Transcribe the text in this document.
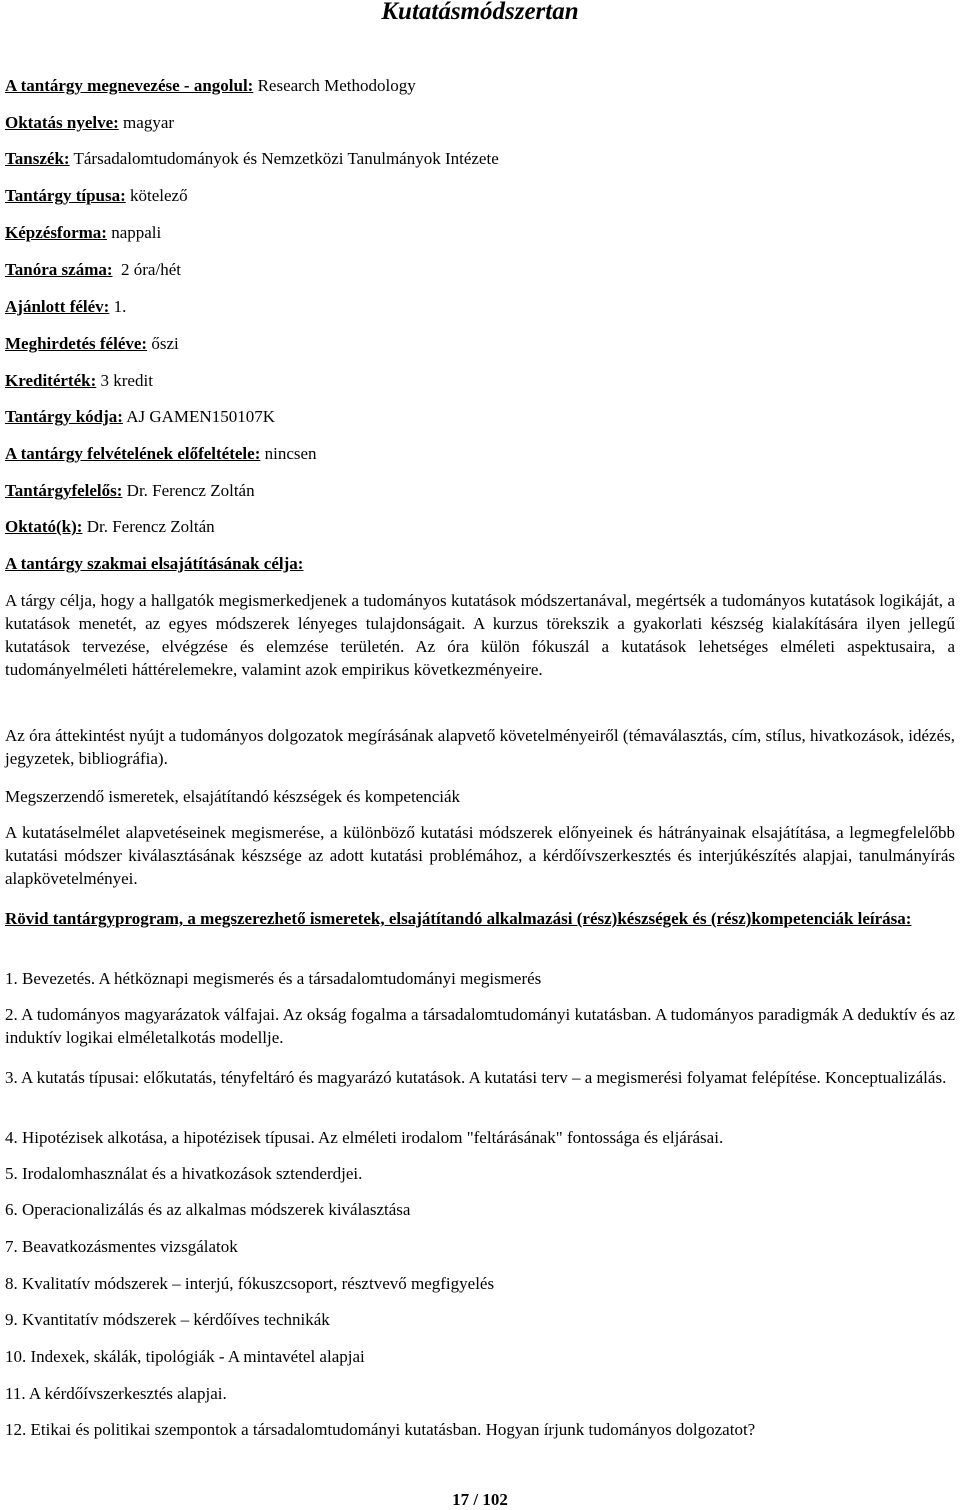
Kutatásmódszertan
A tantárgy megnevezése - angolul: Research Methodology
Oktatás nyelve: magyar
Tanszék: Társadalomtudományok és Nemzetközi Tanulmányok Intézete
Tantárgy típusa: kötelező
Képzésforma: nappali
Tanóra száma:  2 óra/hét
Ajánlott félév: 1.
Meghirdetés féléve: őszi
Kreditérték: 3 kredit
Tantárgy kódja: AJ GAMEN150107K
A tantárgy felvételének előfeltétele: nincsen
Tantárgyfelelős: Dr. Ferencz Zoltán
Oktató(k): Dr. Ferencz Zoltán
A tantárgy szakmai elsajátításának célja:
A tárgy célja, hogy a hallgatók megismerkedjenek a tudományos kutatások módszertanával, megértsék a tudományos kutatások logikáját, a kutatások menetét, az egyes módszerek lényeges tulajdonságait. A kurzus törekszik a gyakorlati készség kialakítására ilyen jellegű kutatások tervezése, elvégzése és elemzése területén. Az óra külön fókuszál a kutatások lehetséges elméleti aspektusaira, a tudományelméleti háttérelemekre, valamint azok empirikus következményeire.
Az óra áttekintést nyújt a tudományos dolgozatok megírásának alapvető követelményeiről (témaválasztás, cím, stílus, hivatkozások, idézés, jegyzetek, bibliográfia).
Megszerzendő ismeretek, elsajátítandó készségek és kompetenciák
A kutatáselmélet alapvetéseinek megismerése, a különböző kutatási módszerek előnyeinek és hátrányainak elsajátítása, a legmegfelelőbb kutatási módszer kiválasztásának készsége az adott kutatási problémához, a kérdőívszerkesztés és interjúkészítés alapjai, tanulmányírás alapkövetelményei.
Rövid tantárgyprogram, a megszerezhető ismeretek, elsajátítandó alkalmazási (rész)készségek és (rész)kompetenciák leírása:
1. Bevezetés. A hétköznapi megismerés és a társadalomtudományi megismerés
2. A tudományos magyarázatok válfajai. Az okság fogalma a társadalomtudományi kutatásban. A tudományos paradigmák A deduktív és az induktív logikai elméletalkotás modellje.
3. A kutatás típusai: előkutatás, tényfeltáró és magyarázó kutatások. A kutatási terv – a megismerési folyamat felépítése. Konceptualizálás.
4. Hipotézisek alkotása, a hipotézisek típusai. Az elméleti irodalom "feltárásának" fontossága és eljárásai.
5. Irodalomhasználat és a hivatkozások sztenderdjei.
6. Operacionalizálás és az alkalmas módszerek kiválasztása
7. Beavatkozásmentes vizsgálatok
8. Kvalitatív módszerek – interjú, fókuszcsoport, résztvevő megfigyelés
9. Kvantitatív módszerek – kérdőíves technikák
10. Indexek, skálák, tipológiák - A mintavétel alapjai
11. A kérdőívszerkesztés alapjai.
12. Etikai és politikai szempontok a társadalomtudományi kutatásban. Hogyan írjunk tudományos dolgozatot?
17 / 102
